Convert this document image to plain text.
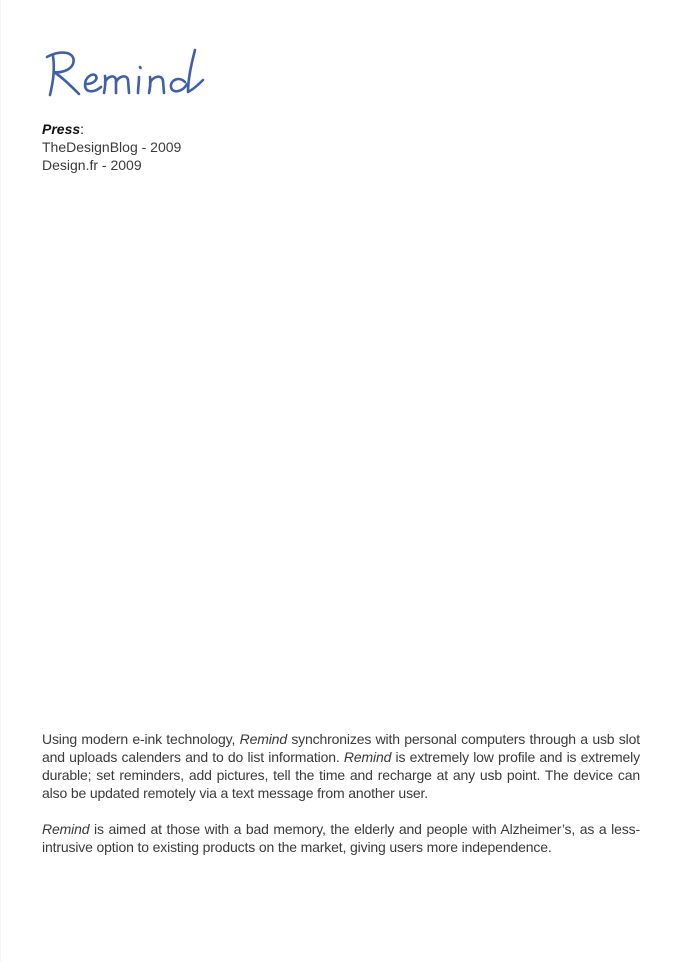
Press:
TheDesignBlog - 2009
Design.fr - 2009

Using modern e-ink technology, Remind synchronizes with personal computers through a usb slot and uploads calenders and to do list information. Remind is extremely low profile and is extremely durable; set reminders, add pictures, tell the time and recharge at any usb point. The device can also be updated remotely via a text message from another user.

Remind is aimed at those with a bad memory, the elderly and people with Alzheimer’s, as a less-intrusive option to existing products on the market, giving users more independence.
